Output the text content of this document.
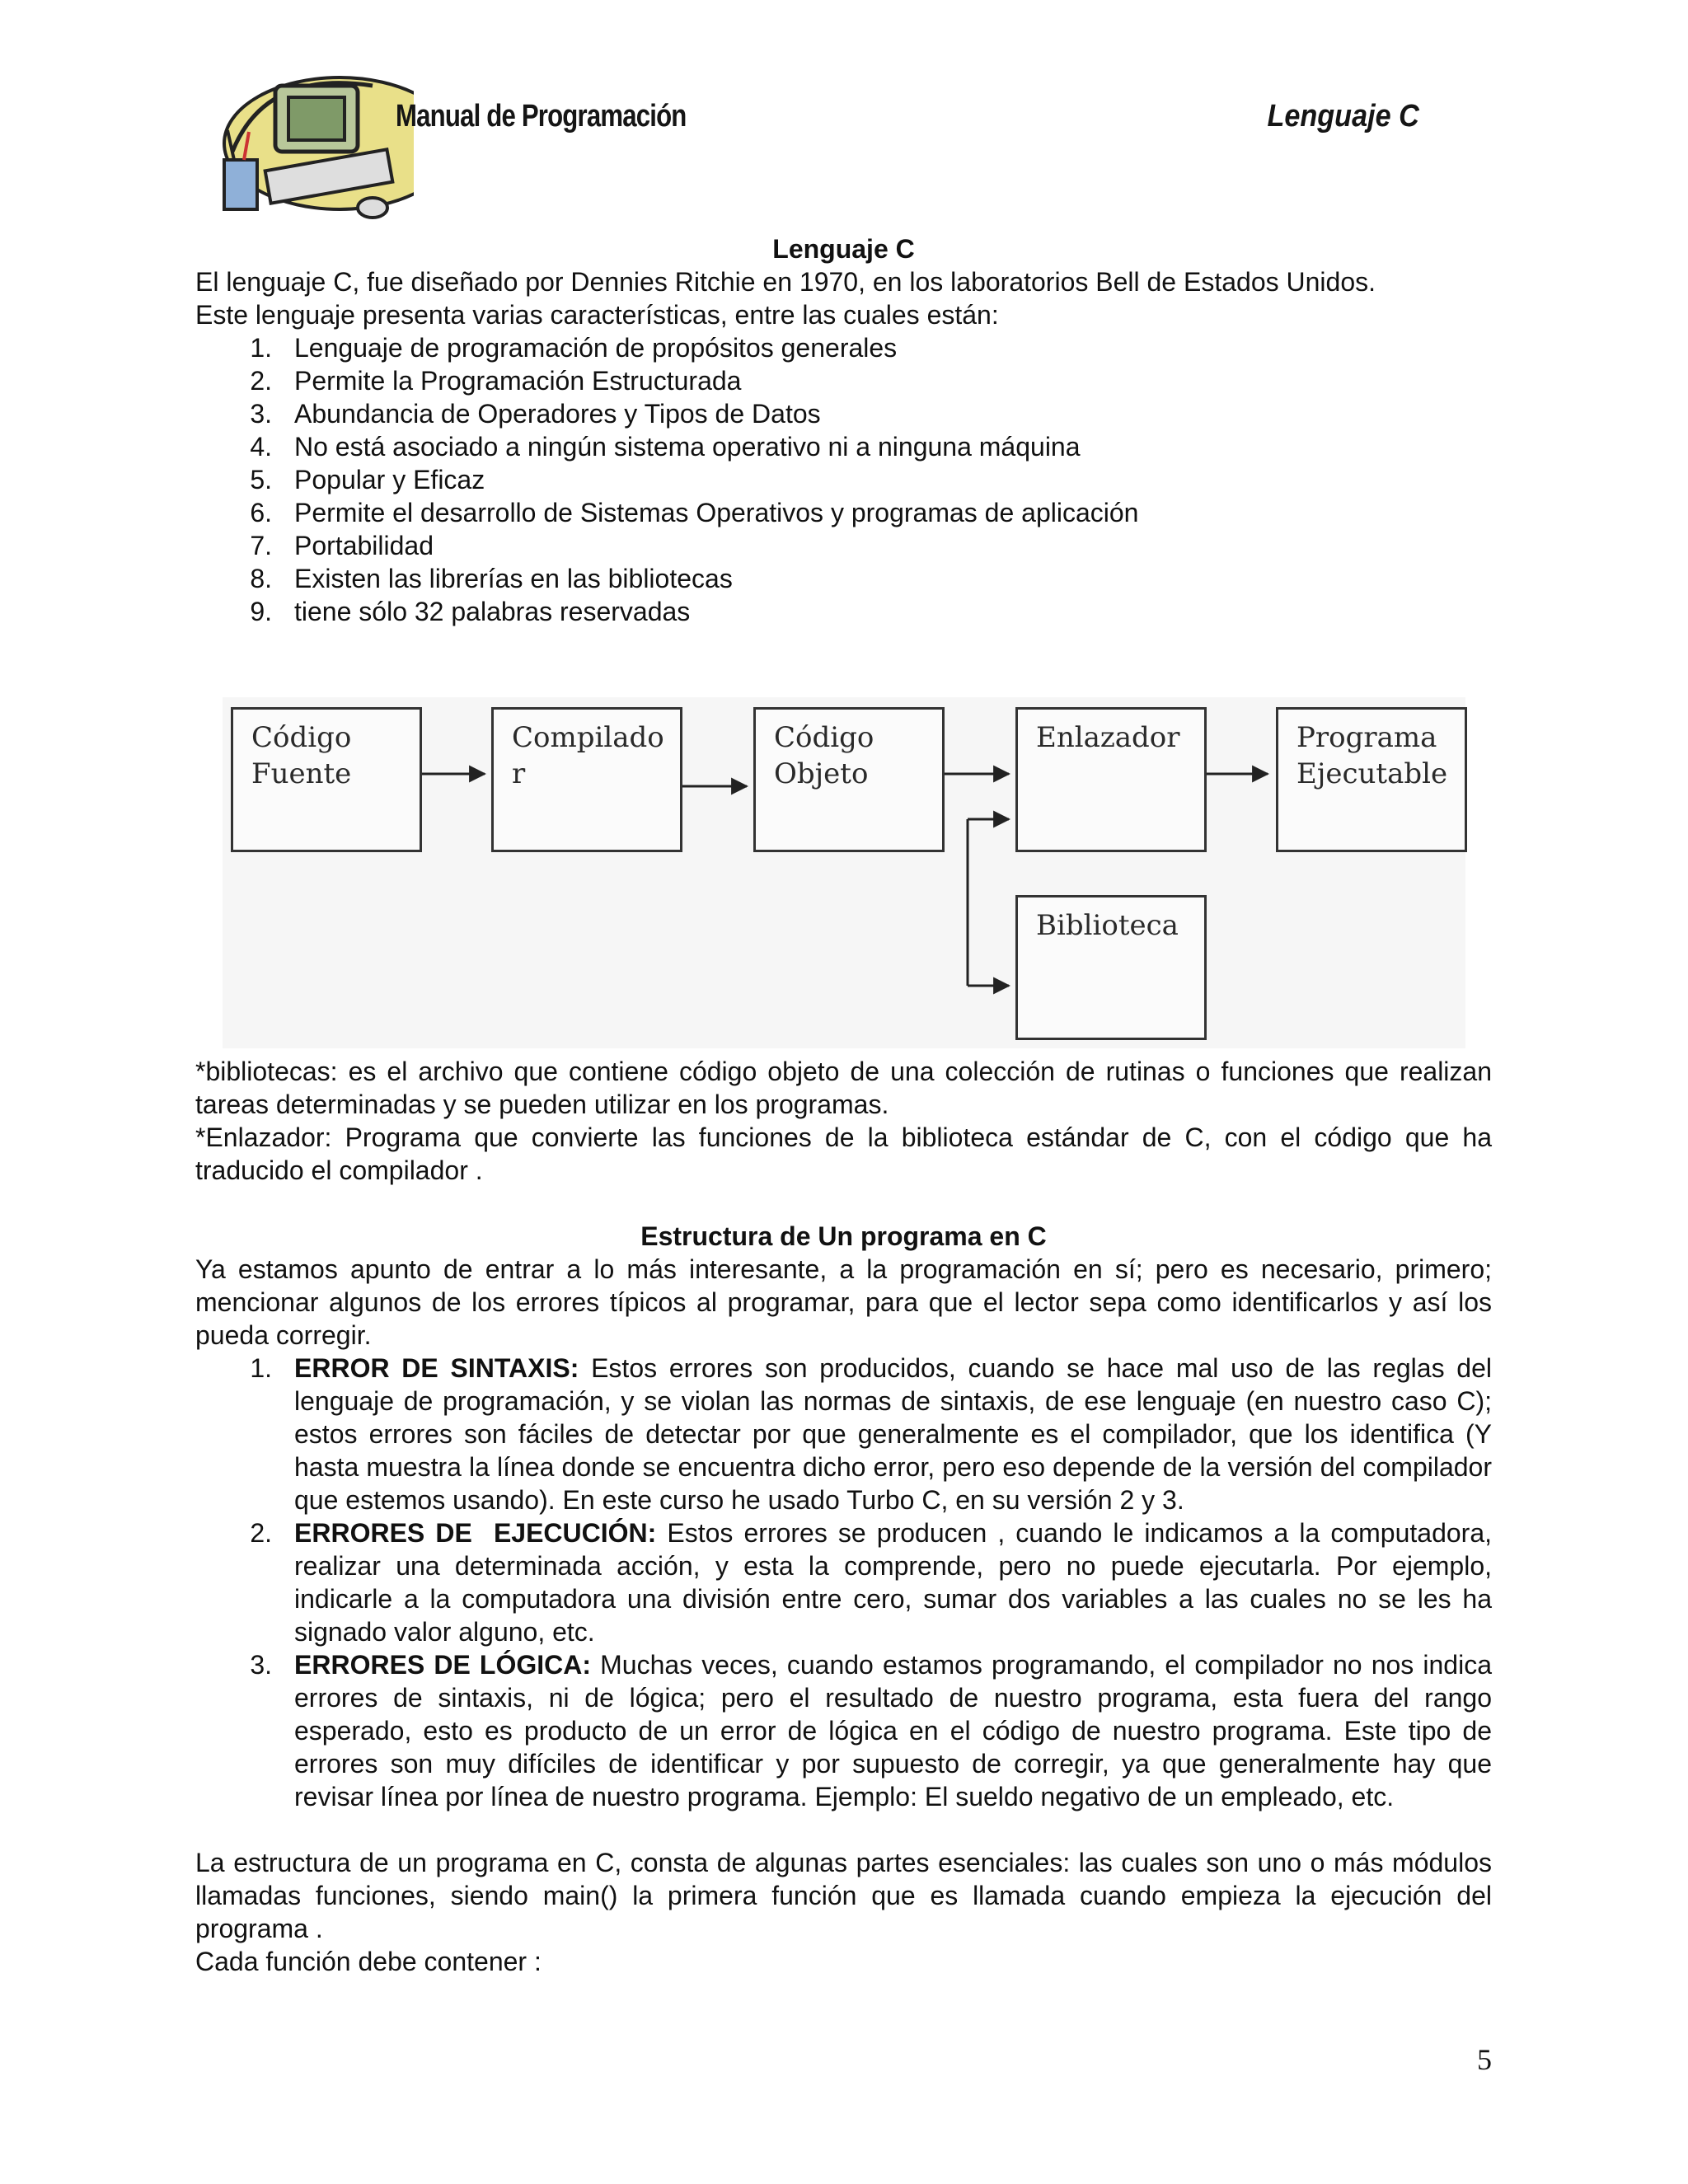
Manual de Programación	Lenguaje C
Lenguaje C
El lenguaje C, fue diseñado por Dennies Ritchie en 1970, en los laboratorios Bell de Estados Unidos.
Este lenguaje presenta varias características, entre las cuales están:
1. Lenguaje de programación de propósitos generales
2. Permite la Programación Estructurada
3. Abundancia de Operadores y Tipos de Datos
4. No está asociado a ningún sistema operativo ni a ninguna máquina
5. Popular y Eficaz
6. Permite el desarrollo de Sistemas Operativos y programas de aplicación
7. Portabilidad
8. Existen las librerías en las bibliotecas
9. tiene sólo 32 palabras reservadas
Código
Fuente
Compilado
r
Código
Objeto
Enlazador	Programa
Ejecutable
Biblioteca
*bibliotecas: es el archivo que contiene código objeto de una colección de rutinas o funciones que realizan tareas determinadas y se pueden utilizar en los programas.
*Enlazador: Programa que convierte las funciones de la biblioteca estándar de C, con el código que ha traducido el compilador .
Estructura de Un programa en C
Ya estamos apunto de entrar a lo más interesante, a la programación en sí; pero es necesario, primero; mencionar algunos de los errores típicos al programar, para que el lector sepa como identificarlos y así los pueda corregir.
1. ERROR DE SINTAXIS: Estos errores son producidos, cuando se hace mal uso de las reglas del lenguaje de programación, y se violan las normas de sintaxis, de ese lenguaje (en nuestro caso C); estos errores son fáciles de detectar por que generalmente es el compilador, que los identifica (Y hasta muestra la línea donde se encuentra dicho error, pero eso depende de la versión del compilador que estemos usando). En este curso he usado Turbo C, en su versión 2 y 3.
2. ERRORES DE  EJECUCIÓN: Estos errores se producen , cuando le indicamos a la computadora, realizar una determinada acción, y esta la comprende, pero no puede ejecutarla. Por ejemplo, indicarle a la computadora una división entre cero, sumar dos variables a las cuales no se les ha signado valor alguno, etc.
3. ERRORES DE LÓGICA: Muchas veces, cuando estamos programando, el compilador no nos indica errores de sintaxis, ni de lógica; pero el resultado de nuestro programa, esta fuera del rango esperado, esto es producto de un error de lógica en el código de nuestro programa. Este tipo de errores son muy difíciles de identificar y por supuesto de corregir, ya que generalmente hay que revisar línea por línea de nuestro programa. Ejemplo: El sueldo negativo de un empleado, etc.
La estructura de un programa en C, consta de algunas partes esenciales: las cuales son uno o más módulos llamadas funciones, siendo main() la primera función que es llamada cuando empieza la ejecución del programa .
Cada función debe contener :
5
